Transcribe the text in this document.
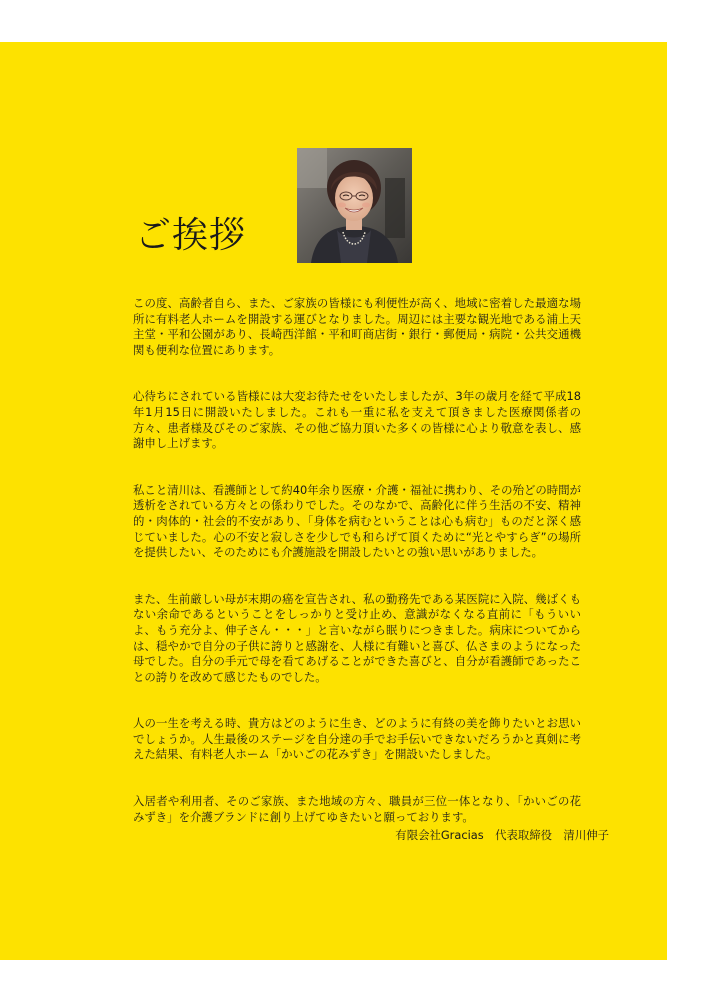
ご挨拶

この度、高齢者自ら、また、ご家族の皆様にも利便性が高く、地域に密着した最適な場所に有料老人ホームを開設する運びとなりました。周辺には主要な観光地である浦上天主堂・平和公園があり、長崎西洋館・平和町商店街・銀行・郵便局・病院・公共交通機関も便利な位置にあります。

心待ちにされている皆様には大変お待たせをいたしましたが、3年の歳月を経て平成18年1月15日に開設いたしました。これも一重に私を支えて頂きました医療関係者の方々、患者様及びそのご家族、その他ご協力頂いた多くの皆様に心より敬意を表し、感謝申し上げます。

私こと清川は、看護師として約40年余り医療・介護・福祉に携わり、その殆どの時間が透析をされている方々との係わりでした。そのなかで、高齢化に伴う生活の不安、精神的・肉体的・社会的不安があり、「身体を病むということは心も病む」ものだと深く感じていました。心の不安と寂しさを少しでも和らげて頂くために“光とやすらぎ”の場所を提供したい、そのためにも介護施設を開設したいとの強い思いがありました。

また、生前厳しい母が末期の癌を宣告され、私の勤務先である某医院に入院、幾ばくもない余命であるということをしっかりと受け止め、意識がなくなる直前に「もういいよ、もう充分よ、伸子さん・・・」と言いながら眠りにつきました。病床についてからは、穏やかで自分の子供に誇りと感謝を、人様に有難いと喜び、仏さまのようになった母でした。自分の手元で母を看てあげることができた喜びと、自分が看護師であったことの誇りを改めて感じたものでした。

人の一生を考える時、貴方はどのように生き、どのように有終の美を飾りたいとお思いでしょうか。人生最後のステージを自分達の手でお手伝いできないだろうかと真剣に考えた結果、有料老人ホーム「かいごの花みずき」を開設いたしました。

入居者や利用者、そのご家族、また地域の方々、職員が三位一体となり、「かいごの花みずき」を介護ブランドに創り上げてゆきたいと願っております。

有限会社Gracias　代表取締役　清川伸子
